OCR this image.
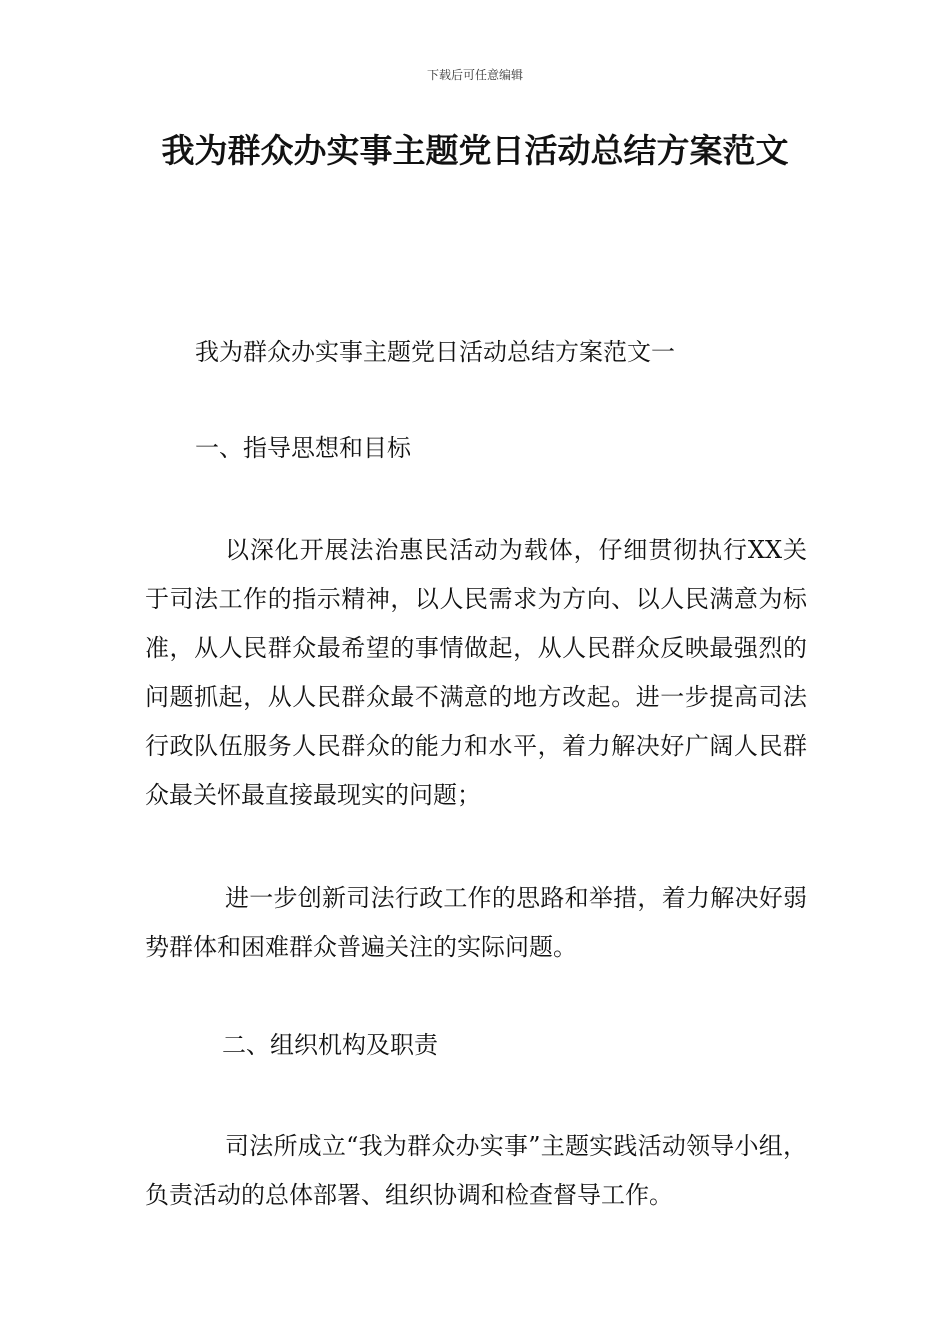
下载后可任意编辑
我为群众办实事主题党日活动总结方案范文

我为群众办实事主题党日活动总结方案范文一

一、指导思想和目标

以深化开展法治惠民活动为载体，仔细贯彻执行XX关于司法工作的指示精神，以人民需求为方向、以人民满意为标准，从人民群众最希望的事情做起，从人民群众反映最强烈的问题抓起，从人民群众最不满意的地方改起。进一步提高司法行政队伍服务人民群众的能力和水平，着力解决好广阔人民群众最关怀最直接最现实的问题；

进一步创新司法行政工作的思路和举措，着力解决好弱势群体和困难群众普遍关注的实际问题。

二、组织机构及职责

司法所成立“我为群众办实事”主题实践活动领导小组，负责活动的总体部署、组织协调和检查督导工作。
